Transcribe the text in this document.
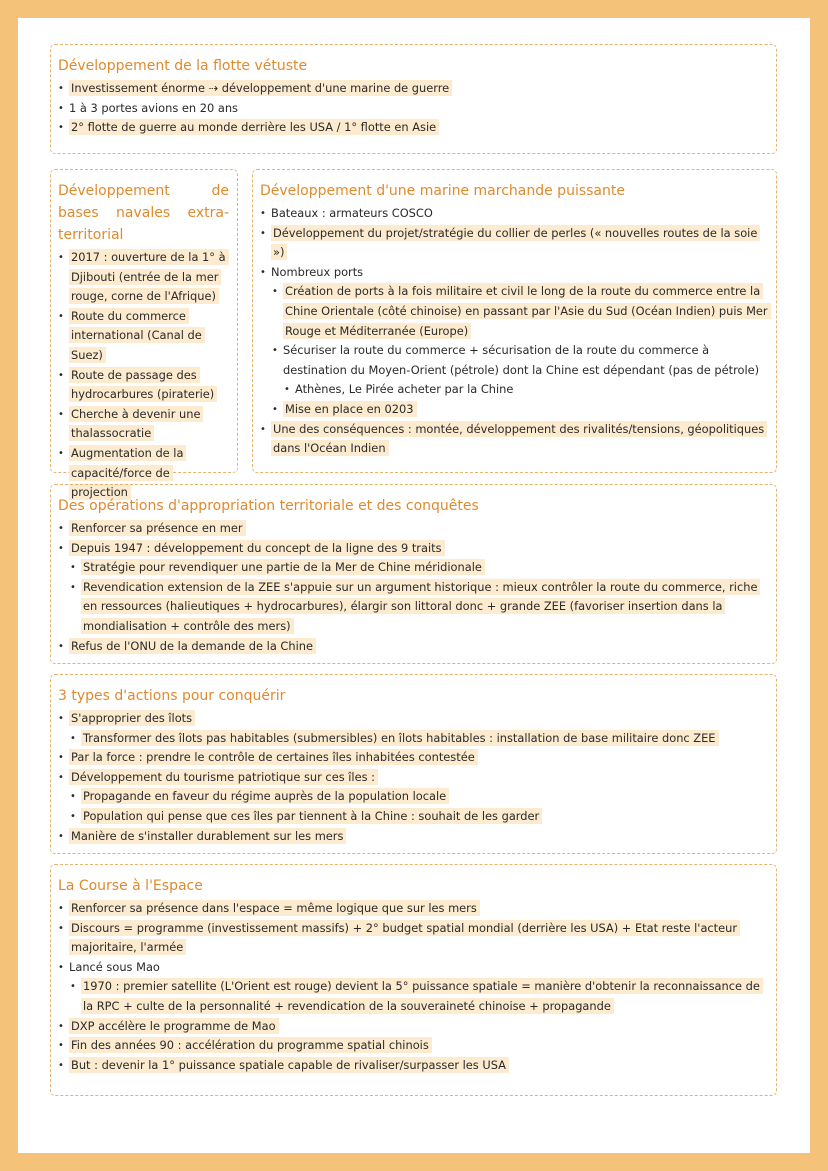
Développement de la flotte vétuste
• Investissement énorme ⇢ développement d'une marine de guerre
• 1 à 3 portes avions en 20 ans
• 2° flotte de guerre au monde derrière les USA / 1° flotte en Asie
Développement de bases navales extra-territorial
• 2017 : ouverture de la 1° à Djibouti (entrée de la mer rouge, corne de l'Afrique)
• Route du commerce international (Canal de Suez)
• Route de passage des hydrocarbures (piraterie)
• Cherche à devenir une thalassocratie
• Augmentation de la capacité/force de projection
Développement d'une marine marchande puissante
• Bateaux : armateurs COSCO
• Développement du projet/stratégie du collier de perles (« nouvelles routes de la soie »)
• Nombreux ports
• Création de ports à la fois militaire et civil le long de la route du commerce entre la Chine Orientale (côté chinoise) en passant par l'Asie du Sud (Océan Indien) puis Mer Rouge et Méditerranée (Europe)
• Sécuriser la route du commerce + sécurisation de la route du commerce à destination du Moyen-Orient (pétrole) dont la Chine est dépendant (pas de pétrole)
• Athènes, Le Pirée acheter par la Chine
• Mise en place en 0203
• Une des conséquences : montée, développement des rivalités/tensions, géopolitiques dans l'Océan Indien
Des opérations d'appropriation territoriale et des conquêtes
• Renforcer sa présence en mer
• Depuis 1947 : développement du concept de la ligne des 9 traits
• Stratégie pour revendiquer une partie de la Mer de Chine méridionale
• Revendication extension de la ZEE s'appuie sur un argument historique : mieux contrôler la route du commerce, riche en ressources (halieutiques + hydrocarbures), élargir son littoral donc + grande ZEE (favoriser insertion dans la mondialisation + contrôle des mers)
• Refus de l'ONU de la demande de la Chine
3 types d'actions pour conquérir
• S'approprier des îlots
• Transformer des îlots pas habitables (submersibles) en îlots habitables : installation de base militaire donc ZEE
• Par la force : prendre le contrôle de certaines îles inhabitées contestée
• Développement du tourisme patriotique sur ces îles :
• Propagande en faveur du régime auprès de la population locale
• Population qui pense que ces îles par tiennent à la Chine : souhait de les garder
• Manière de s'installer durablement sur les mers
La Course à l'Espace
• Renforcer sa présence dans l'espace = même logique que sur les mers
• Discours = programme (investissement massifs) + 2° budget spatial mondial (derrière les USA) + Etat reste l'acteur majoritaire, l'armée
• Lancé sous Mao
• 1970 : premier satellite (L'Orient est rouge) devient la 5° puissance spatiale = manière d'obtenir la reconnaissance de la RPC + culte de la personnalité + revendication de la souveraineté chinoise + propagande
• DXP accélère le programme de Mao
• Fin des années 90 : accélération du programme spatial chinois
• But : devenir la 1° puissance spatiale capable de rivaliser/surpasser les USA
